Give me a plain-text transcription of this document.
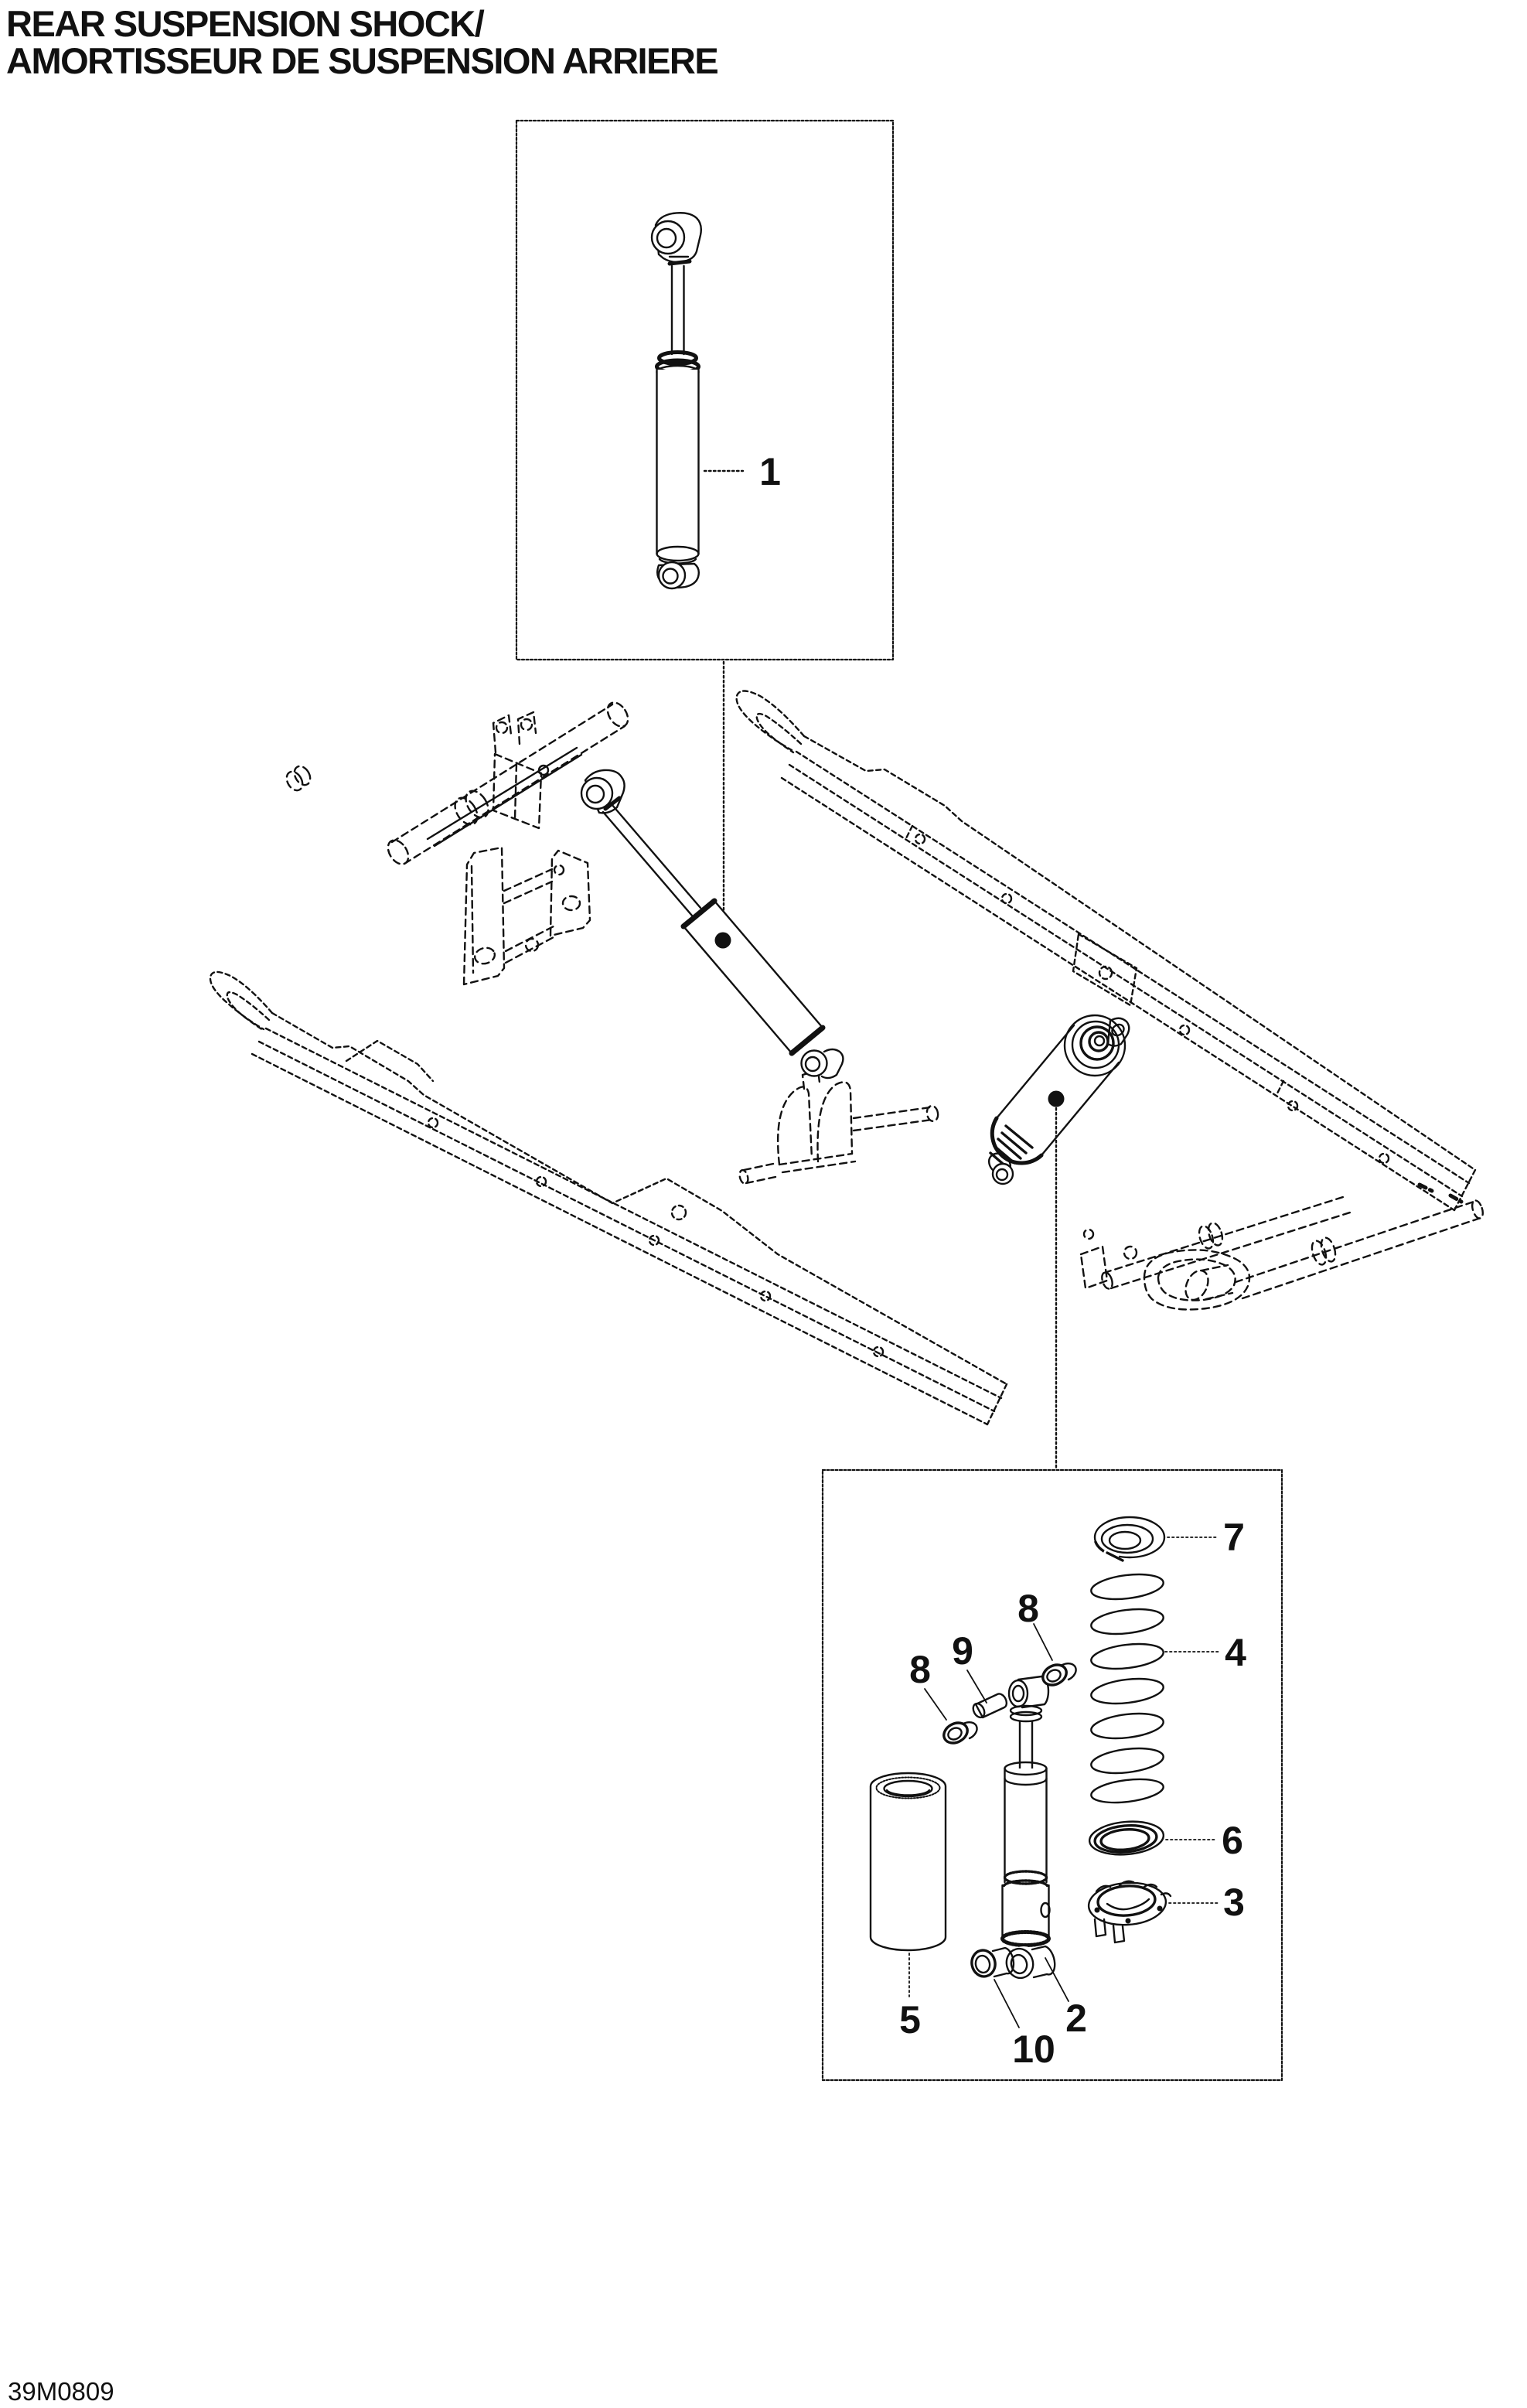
REAR SUSPENSION SHOCK/
AMORTISSEUR DE SUSPENSION ARRIERE
1
7
4
6
3
8
9
8
5
10
2
39M0809
